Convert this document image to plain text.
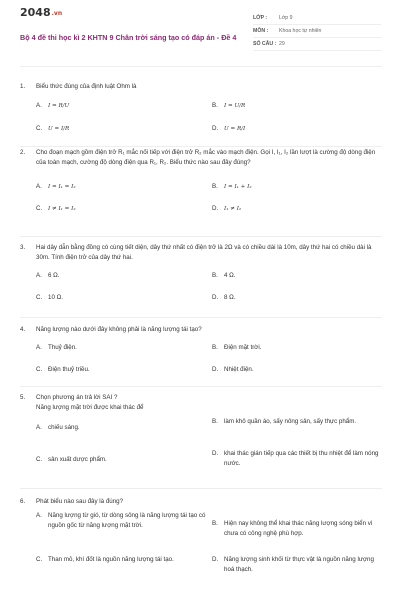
2048.vn
Bộ 4 đề thi học kì 2 KHTN 9 Chân trời sáng tạo có đáp án - Đề 4
LỚP :	Lớp 9
MÔN :	Khoa học tự nhiên
SỐ CÂU : 29
1. Biểu thức đúng của định luật Ohm là
A.	I = R/U	B.	I = U/R
C.	U = I/R	D.	U = R/I
2. Cho đoạn mạch gồm điện trở R₁ mắc nối tiếp với điện trở R₂ mắc vào mạch điện. Gọi I, I₁, I₂ lần lượt là cường độ dòng điện của toàn mạch, cường độ dòng điện qua R₁, R₂. Biểu thức nào sau đây đúng?
A.	I = I₁ = I₂	B.	I = I₁ + I₂
C.	I ≠ I₁ = I₂	D.	I₁ ≠ I₂
3. Hai dây dẫn bằng đồng có cùng tiết diện, dây thứ nhất có điện trở là 2Ω và có chiều dài là 10m, dây thứ hai có chiều dài là 30m. Tính điện trở của dây thứ hai.
A. 6 Ω.	B. 4 Ω.
C. 10 Ω.	D. 8 Ω.
4. Năng lượng nào dưới đây không phải là năng lượng tái tạo?
A. Thuỷ điện.	B. Điện mặt trời.
C. Điện thuỷ triều.	D. Nhiệt điện.
5. Chọn phương án trả lời SAI ?
Năng lượng mặt trời được khai thác để
A. chiếu sáng.
B. làm khô quần áo, sấy nông sản, sấy thực phẩm.
C. sản xuất dược phẩm.
D. khai thác gián tiếp qua các thiết bị thu nhiệt để làm nóng nước.
6. Phát biểu nào sau đây là đúng?
A. Năng lượng từ gió, từ dòng sông là năng lượng tái tạo có nguồn gốc từ năng lượng mặt trời.	B. Hiện nay không thể khai thác năng lượng sóng biển vì chưa có công nghệ phù hợp.
C. Than mỏ, khí đốt là nguồn năng lượng tái tạo.	D. Năng lượng sinh khối từ thực vật là nguồn năng lượng hoá thạch.
